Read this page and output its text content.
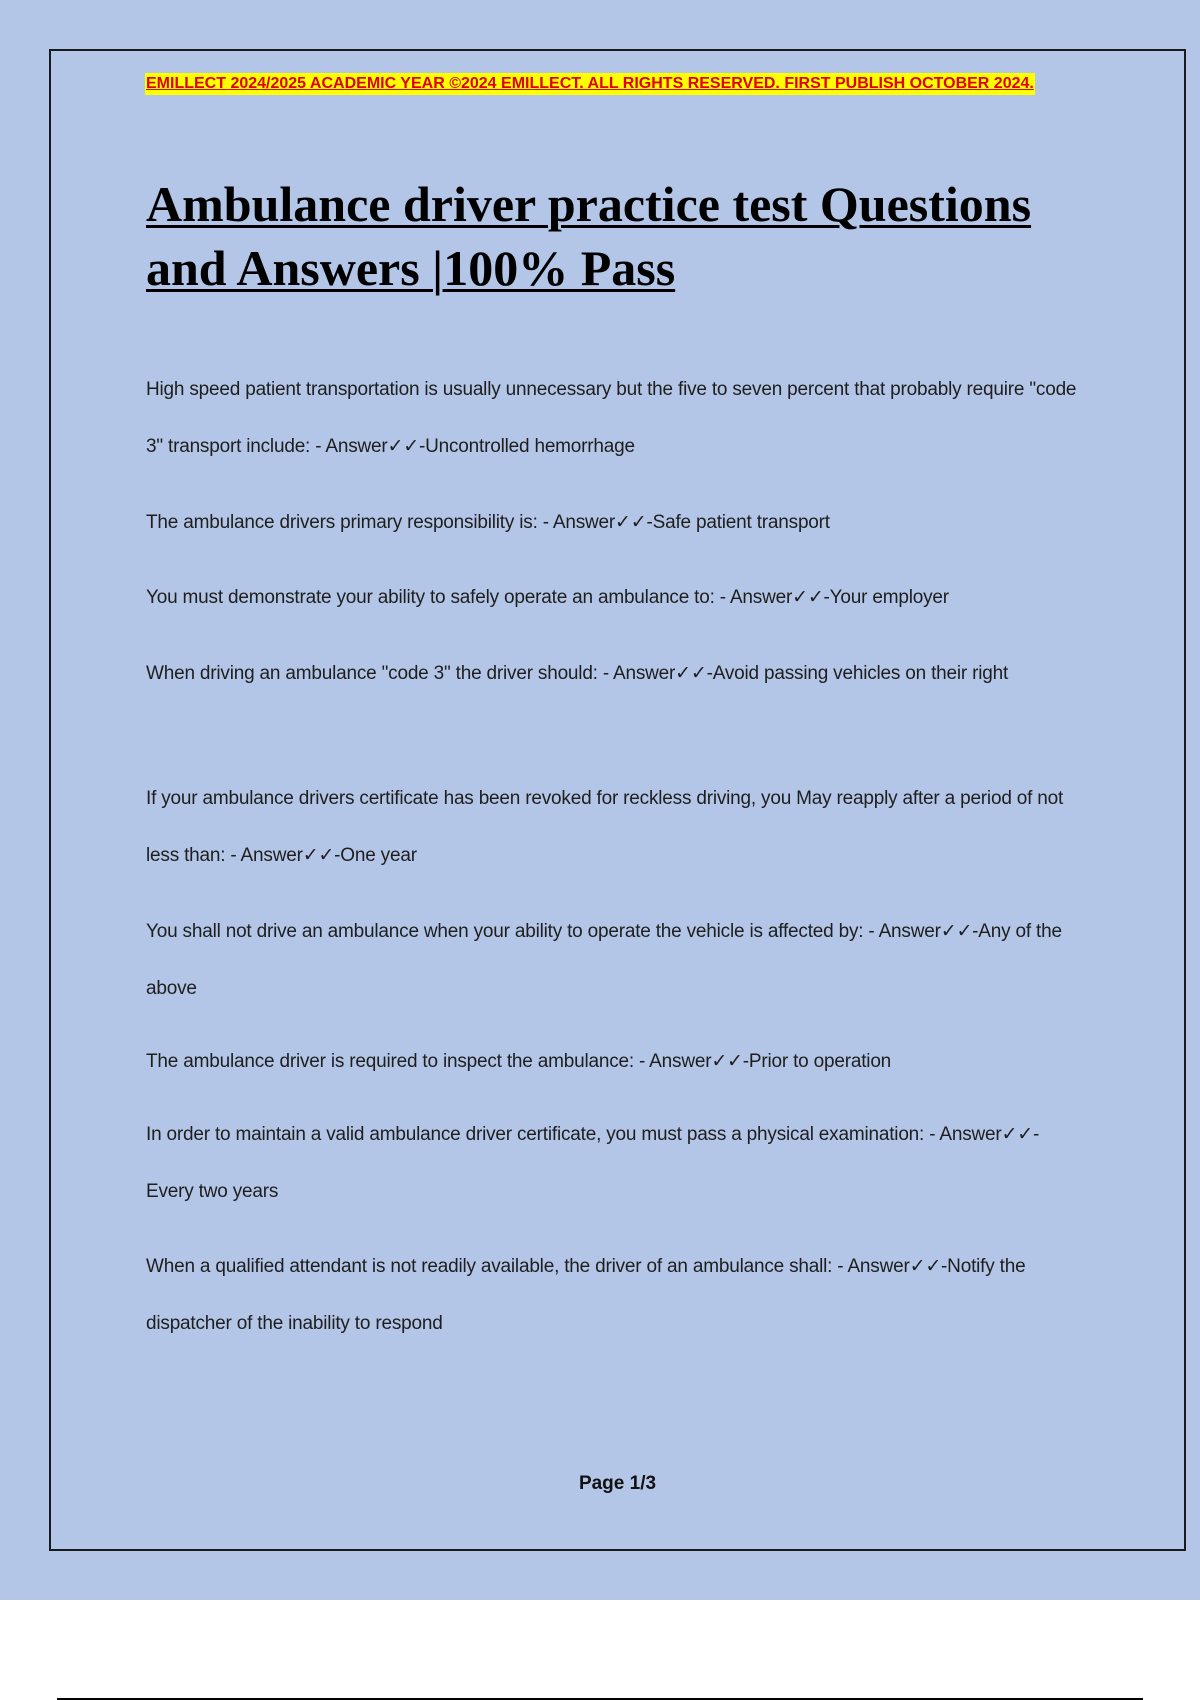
EMILLECT 2024/2025 ACADEMIC YEAR ©2024 EMILLECT. ALL RIGHTS RESERVED. FIRST PUBLISH OCTOBER 2024.
Ambulance driver practice test Questions
and Answers |100% Pass
High speed patient transportation is usually unnecessary but the five to seven percent that probably require "code 3" transport include: - Answer✓✓-Uncontrolled hemorrhage
The ambulance drivers primary responsibility is: - Answer✓✓-Safe patient transport
You must demonstrate your ability to safely operate an ambulance to: - Answer✓✓-Your employer
When driving an ambulance "code 3" the driver should: - Answer✓✓-Avoid passing vehicles on their right
If your ambulance drivers certificate has been revoked for reckless driving, you May reapply after a period of not less than: - Answer✓✓-One year
You shall not drive an ambulance when your ability to operate the vehicle is affected by: - Answer✓✓-Any of the above
The ambulance driver is required to inspect the ambulance: - Answer✓✓-Prior to operation
In order to maintain a valid ambulance driver certificate, you must pass a physical examination: - Answer✓✓-Every two years
When a qualified attendant is not readily available, the driver of an ambulance shall: - Answer✓✓-Notify the dispatcher of the inability to respond
Page 1/3
